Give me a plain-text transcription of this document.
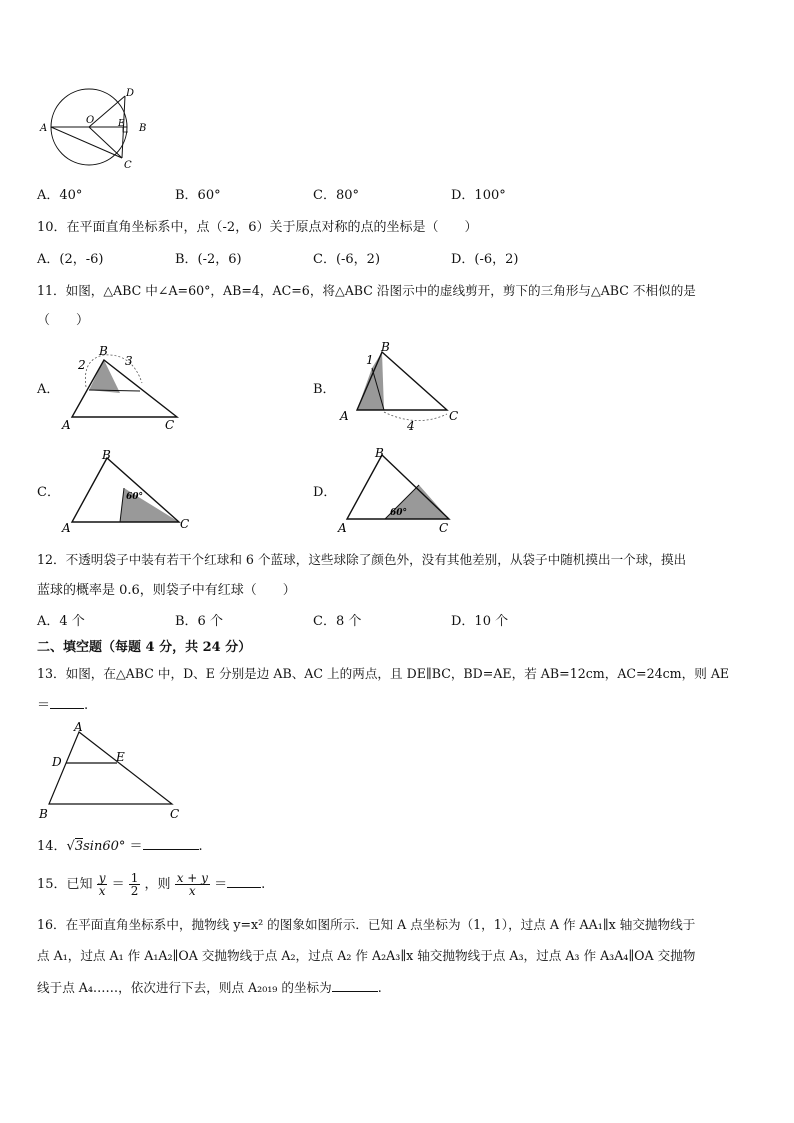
A
O
D
E B
C
A．40°	B．60°	C．80°	D．100°
10．在平面直角坐标系中，点（-2，6）关于原点对称的点的坐标是（　　）
A．(2，-6)	B．(-2，6)	C．(-6，2)	D．(-6，2)
11．如图，△ABC 中∠A=60°，AB=4，AC=6，将△ABC 沿图示中的虚线剪开，剪下的三角形与△ABC 不相似的是
（　　）
A．
B
2	3
A	C
B．
B
1
A	C
4
C．
B
60°
A	C
D．
B
60°
A	C
12．不透明袋子中装有若干个红球和 6 个蓝球，这些球除了颜色外，没有其他差别，从袋子中随机摸出一个球，摸出
蓝球的概率是 0.6，则袋子中有红球（　　）
A．4 个	B．6 个	C．8 个	D．10 个
二、填空题（每题 4 分，共 24 分）
13．如图，在△ABC 中，D、E 分别是边 AB、AC 上的两点，且 DE∥BC，BD=AE，若 AB=12cm，AC=24cm，则 AE
＝	.
A
D	E
B	C
14．√3sin60° ＝	.
15．已知 $\frac{y}{x} = \frac{1}{2}$ ，则 $\frac{x + y}{x}$ ＝	.
16．在平面直角坐标系中，抛物线 y=x² 的图象如图所示．已知 A 点坐标为（1，1），过点 A 作 AA₁∥x 轴交抛物线于
点 A₁，过点 A₁ 作 A₁A₂∥OA 交抛物线于点 A₂，过点 A₂ 作 A₂A₃∥x 轴交抛物线于点 A₃，过点 A₃ 作 A₃A₄∥OA 交抛物
线于点 A₄……，依次进行下去，则点 A₂₀₁₉ 的坐标为	.
